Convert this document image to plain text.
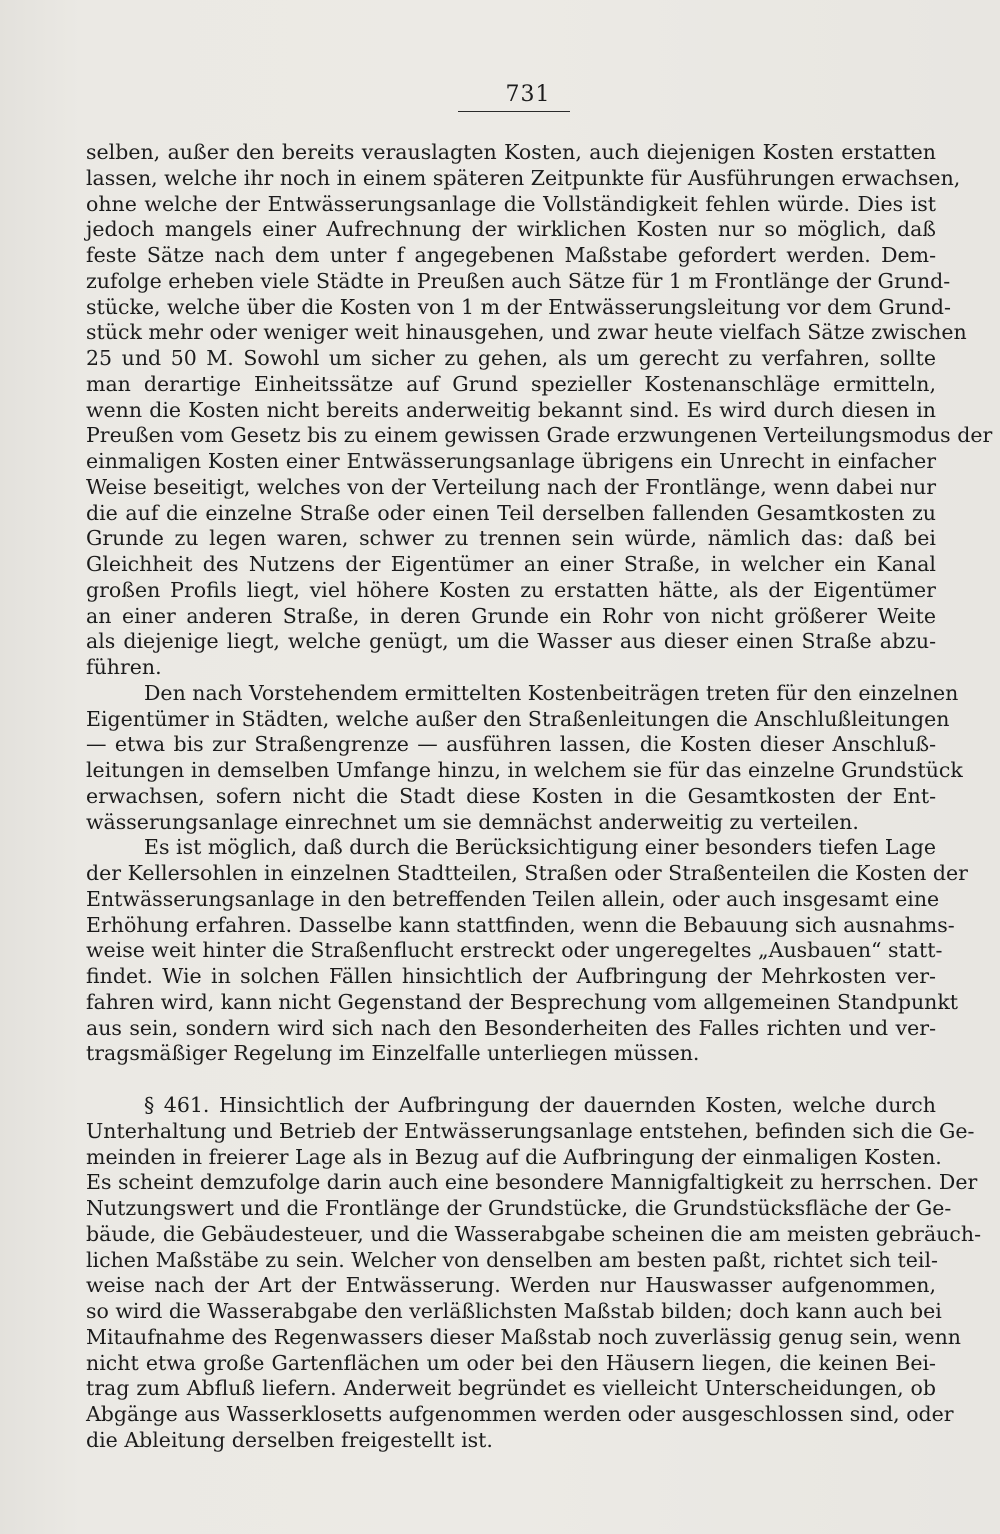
731
selben, außer den bereits verauslagten Kosten, auch diejenigen Kosten erstatten
lassen, welche ihr noch in einem späteren Zeitpunkte für Ausführungen erwachsen,
ohne welche der Entwässerungsanlage die Vollständigkeit fehlen würde. Dies ist
jedoch mangels einer Aufrechnung der wirklichen Kosten nur so möglich, daß
feste Sätze nach dem unter f angegebenen Maßstabe gefordert werden. Dem-
zufolge erheben viele Städte in Preußen auch Sätze für 1 m Frontlänge der Grund-
stücke, welche über die Kosten von 1 m der Entwässerungsleitung vor dem Grund-
stück mehr oder weniger weit hinausgehen, und zwar heute vielfach Sätze zwischen
25 und 50 M. Sowohl um sicher zu gehen, als um gerecht zu verfahren, sollte
man derartige Einheitssätze auf Grund spezieller Kostenanschläge ermitteln,
wenn die Kosten nicht bereits anderweitig bekannt sind. Es wird durch diesen in
Preußen vom Gesetz bis zu einem gewissen Grade erzwungenen Verteilungsmodus der
einmaligen Kosten einer Entwässerungsanlage übrigens ein Unrecht in einfacher
Weise beseitigt, welches von der Verteilung nach der Frontlänge, wenn dabei nur
die auf die einzelne Straße oder einen Teil derselben fallenden Gesamtkosten zu
Grunde zu legen waren, schwer zu trennen sein würde, nämlich das: daß bei
Gleichheit des Nutzens der Eigentümer an einer Straße, in welcher ein Kanal
großen Profils liegt, viel höhere Kosten zu erstatten hätte, als der Eigentümer
an einer anderen Straße, in deren Grunde ein Rohr von nicht größerer Weite
als diejenige liegt, welche genügt, um die Wasser aus dieser einen Straße abzu-
führen.
Den nach Vorstehendem ermittelten Kostenbeiträgen treten für den einzelnen
Eigentümer in Städten, welche außer den Straßenleitungen die Anschlußleitungen
— etwa bis zur Straßengrenze — ausführen lassen, die Kosten dieser Anschluß-
leitungen in demselben Umfange hinzu, in welchem sie für das einzelne Grundstück
erwachsen, sofern nicht die Stadt diese Kosten in die Gesamtkosten der Ent-
wässerungsanlage einrechnet um sie demnächst anderweitig zu verteilen.
Es ist möglich, daß durch die Berücksichtigung einer besonders tiefen Lage
der Kellersohlen in einzelnen Stadtteilen, Straßen oder Straßenteilen die Kosten der
Entwässerungsanlage in den betreffenden Teilen allein, oder auch insgesamt eine
Erhöhung erfahren. Dasselbe kann stattfinden, wenn die Bebauung sich ausnahms-
weise weit hinter die Straßenflucht erstreckt oder ungeregeltes „Ausbauen“ statt-
findet. Wie in solchen Fällen hinsichtlich der Aufbringung der Mehrkosten ver-
fahren wird, kann nicht Gegenstand der Besprechung vom allgemeinen Standpunkt
aus sein, sondern wird sich nach den Besonderheiten des Falles richten und ver-
tragsmäßiger Regelung im Einzelfalle unterliegen müssen.
§ 461. Hinsichtlich der Aufbringung der dauernden Kosten, welche durch
Unterhaltung und Betrieb der Entwässerungsanlage entstehen, befinden sich die Ge-
meinden in freierer Lage als in Bezug auf die Aufbringung der einmaligen Kosten.
Es scheint demzufolge darin auch eine besondere Mannigfaltigkeit zu herrschen. Der
Nutzungswert und die Frontlänge der Grundstücke, die Grundstücksfläche der Ge-
bäude, die Gebäudesteuer, und die Wasserabgabe scheinen die am meisten gebräuch-
lichen Maßstäbe zu sein. Welcher von denselben am besten paßt, richtet sich teil-
weise nach der Art der Entwässerung. Werden nur Hauswasser aufgenommen,
so wird die Wasserabgabe den verläßlichsten Maßstab bilden; doch kann auch bei
Mitaufnahme des Regenwassers dieser Maßstab noch zuverlässig genug sein, wenn
nicht etwa große Gartenflächen um oder bei den Häusern liegen, die keinen Bei-
trag zum Abfluß liefern. Anderweit begründet es vielleicht Unterscheidungen, ob
Abgänge aus Wasserklosetts aufgenommen werden oder ausgeschlossen sind, oder
die Ableitung derselben freigestellt ist.
